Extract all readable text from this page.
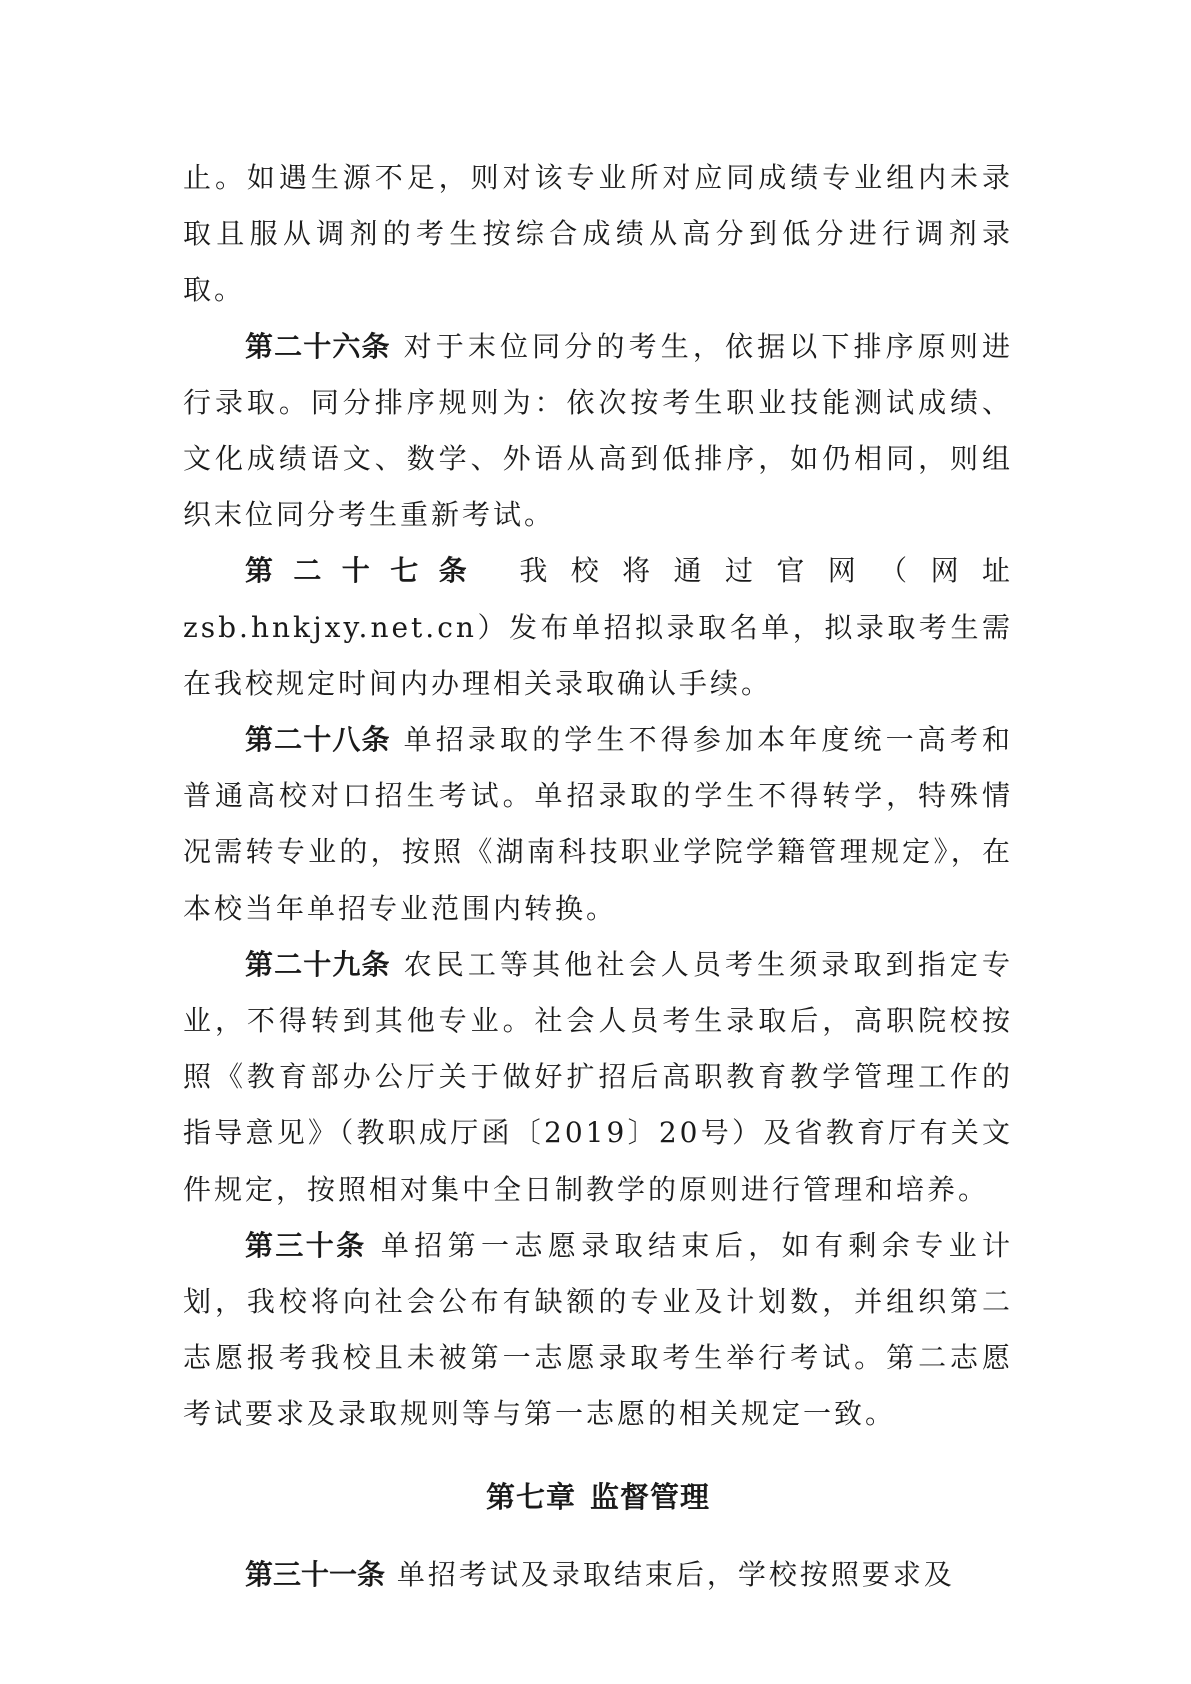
止。如遇生源不足，则对该专业所对应同成绩专业组内未录取且服从调剂的考生按综合成绩从高分到低分进行调剂录取。

第二十六条 对于末位同分的考生，依据以下排序原则进行录取。同分排序规则为：依次按考生职业技能测试成绩、文化成绩语文、数学、外语从高到低排序，如仍相同，则组织末位同分考生重新考试。

第二十七条 我校将通过官网（网址zsb.hnkjxy.net.cn）发布单招拟录取名单，拟录取考生需在我校规定时间内办理相关录取确认手续。

第二十八条 单招录取的学生不得参加本年度统一高考和普通高校对口招生考试。单招录取的学生不得转学，特殊情况需转专业的，按照《湖南科技职业学院学籍管理规定》，在本校当年单招专业范围内转换。

第二十九条 农民工等其他社会人员考生须录取到指定专业，不得转到其他专业。社会人员考生录取后，高职院校按照《教育部办公厅关于做好扩招后高职教育教学管理工作的指导意见》（教职成厅函〔2019〕20号）及省教育厅有关文件规定，按照相对集中全日制教学的原则进行管理和培养。

第三十条 单招第一志愿录取结束后，如有剩余专业计划，我校将向社会公布有缺额的专业及计划数，并组织第二志愿报考我校且未被第一志愿录取考生举行考试。第二志愿考试要求及录取规则等与第一志愿的相关规定一致。

第七章 监督管理

第三十一条 单招考试及录取结束后，学校按照要求及
